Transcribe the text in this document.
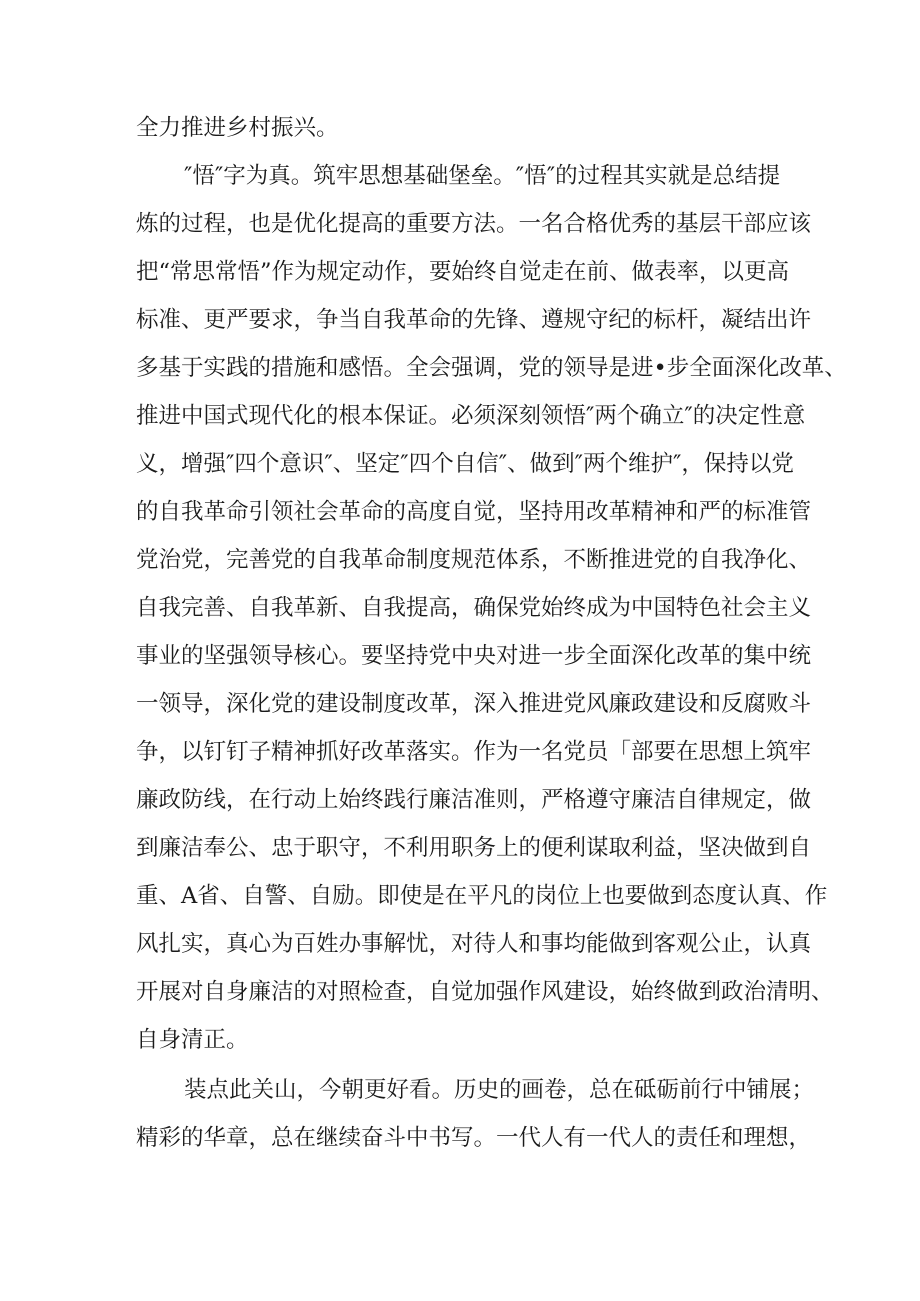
全力推进乡村振兴。
″悟″字为真。筑牢思想基础堡垒。″悟″的过程其实就是总结提
炼的过程，也是优化提高的重要方法。一名合格优秀的基层干部应该
把“常思常悟”作为规定动作，要始终自觉走在前、做表率，以更高
标准、更严要求，争当自我革命的先锋、遵规守纪的标杆，凝结出许
多基于实践的措施和感悟。全会强调，党的领导是进•步全面深化改革、
推进中国式现代化的根本保证。必须深刻领悟″两个确立″的决定性意
义，增强″四个意识″、坚定″四个自信″、做到″两个维护″，保持以党
的自我革命引领社会革命的高度自觉，坚持用改革精神和严的标准管
党治党，完善党的自我革命制度规范体系，不断推进党的自我净化、
自我完善、自我革新、自我提高，确保党始终成为中国特色社会主义
事业的坚强领导核心。要坚持党中央对进一步全面深化改革的集中统
一领导，深化党的建设制度改革，深入推进党风廉政建设和反腐败斗
争，以钉钉子精神抓好改革落实。作为一名党员「部要在思想上筑牢
廉政防线，在行动上始终践行廉洁准则，严格遵守廉洁自律规定，做
到廉洁奉公、忠于职守，不利用职务上的便利谋取利益，坚决做到自
重、A省、自警、自励。即使是在平凡的岗位上也要做到态度认真、作
风扎实，真心为百姓办事解忧，对待人和事均能做到客观公止，认真
开展对自身廉洁的对照检查，自觉加强作风建设，始终做到政治清明、
自身清正。
装点此关山，今朝更好看。历史的画卷，总在砥砺前行中铺展；
精彩的华章，总在继续奋斗中书写。一代人有一代人的责任和理想，
